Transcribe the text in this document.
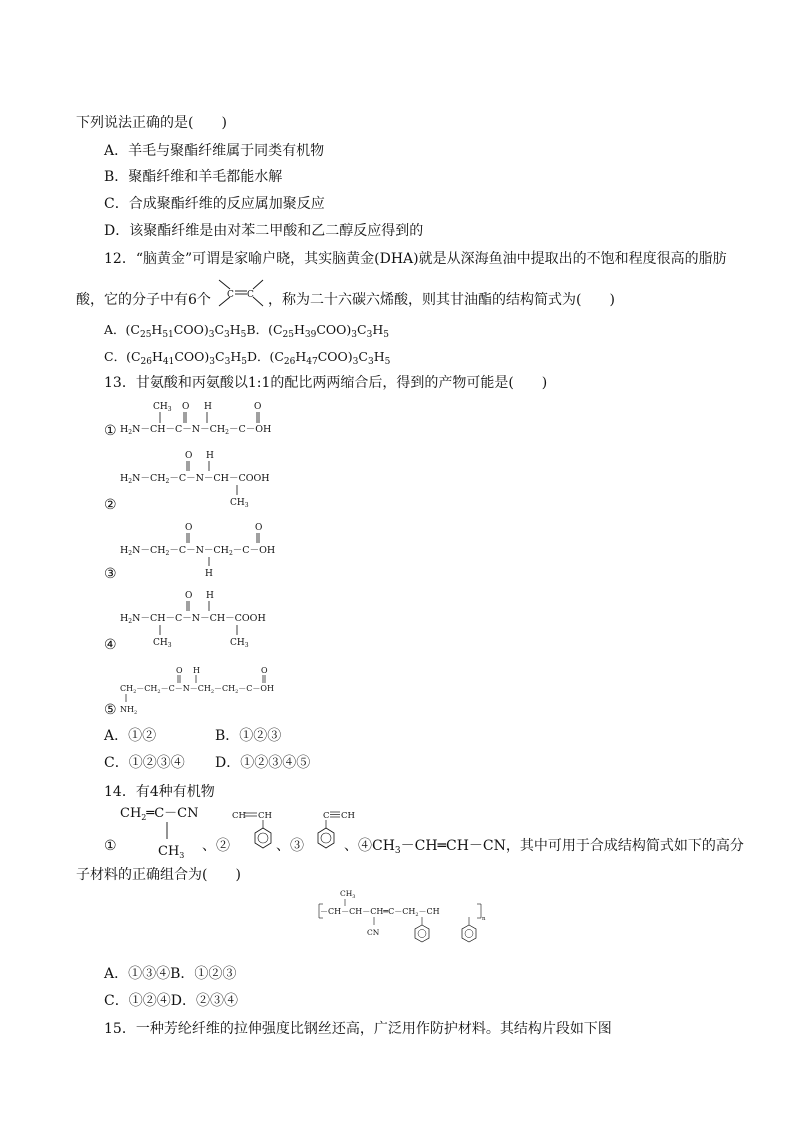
下列说法正确的是(　　)
A．羊毛与聚酯纤维属于同类有机物
B．聚酯纤维和羊毛都能水解
C．合成聚酯纤维的反应属加聚反应
D．该聚酯纤维是由对苯二甲酸和乙二醇反应得到的
12．“脑黄金”可谓是家喻户晓，其实脑黄金(DHA)就是从深海鱼油中提取出的不饱和程度很高的脂肪
酸，它的分子中有6个 C C ，称为二十六碳六烯酸，则其甘油酯的结构简式为(　　)
A．$(C_{25}H_{51}COO)_3C_3H_5B$．$(C_{25}H_{39}COO)_3C_3H_5$
C．$(C_{26}H_{41}COO)_3C_3H_5D$．$(C_{26}H_{47}COO)_3C_3H_5$
13．甘氨酸和丙氨酸以1:1的配比两两缩合后，得到的产物可能是(　　)
①
$CH_3$	H	O
O
$H_2N-CH-C-N-CH_2-C-OH$
②
H
O
$H_2N-CH_2-C-N-CH-COOH$
$CH_3$
③
O	O
$H_2N-CH_2-C-N-CH_2-C-OH$
H
④
O H
$H_2N-CH-C-N-CH-COOH$
$CH_3$	$CH_3$
⑤
O H	O
$CH_2-CH_2-C-N-CH_2-CH_2-C-OH$
$NH_2$
A．①②	B．①②③
C．①②③④ D．①②③④⑤
14．有4种有机物
$CH_2═C-CN$
$CH_3$
CH CH	C CH
①	、②	、③	、$④CH_3-CH═CH-CN$，其中可用于合成结构简式如下的高分
子材料的正确组合为(　　)
$CH_3$
$-CH-CH-CH═C-CH_2-CH$
n
CN
A．①③④B．①②③
C．①②④D．②③④
15．一种芳纶纤维的拉伸强度比钢丝还高，广泛用作防护材料。其结构片段如下图
